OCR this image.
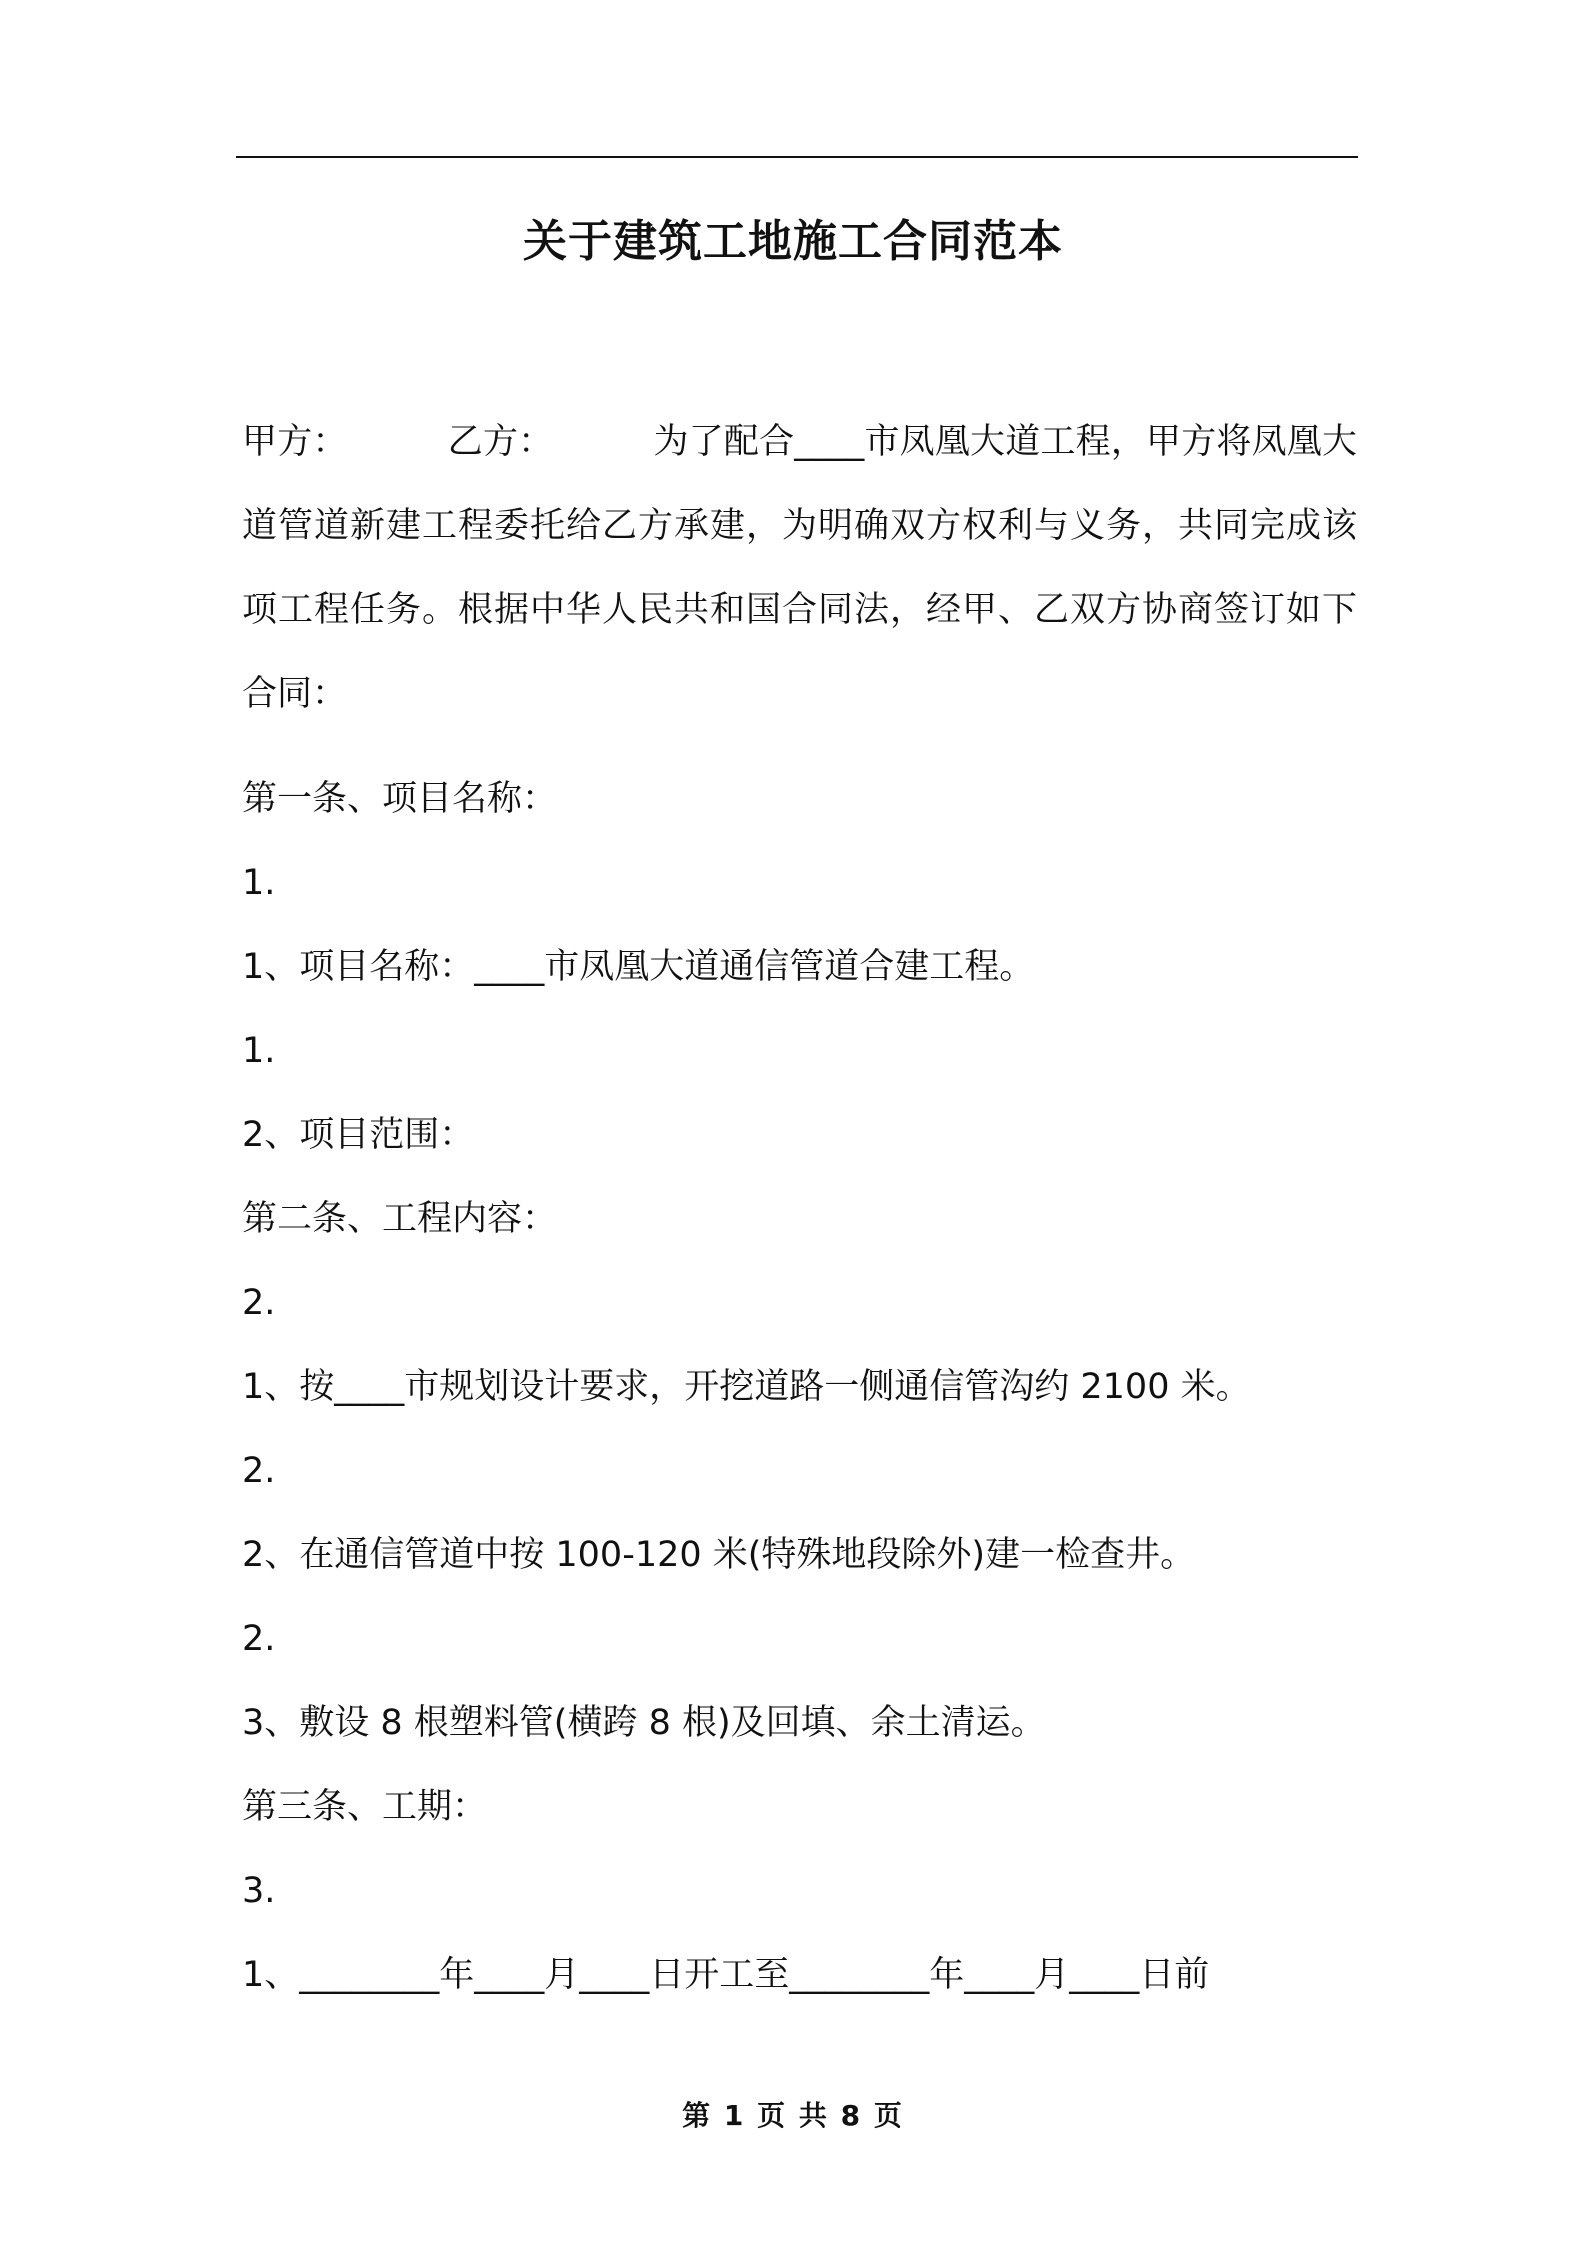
关于建筑工地施工合同范本

甲方：	乙方：	为了配合____市凤凰大道工程，甲方将凤凰大道管道新建工程委托给乙方承建，为明确双方权利与义务，共同完成该项工程任务。根据中华人民共和国合同法，经甲、乙双方协商签订如下合同：

第一条、项目名称：
1.
1、项目名称：____市凤凰大道通信管道合建工程。
1.
2、项目范围：
第二条、工程内容：
2.
1、按____市规划设计要求，开挖道路一侧通信管沟约 2100 米。
2.
2、在通信管道中按 100-120 米(特殊地段除外)建一检查井。
2.
3、敷设 8 根塑料管(横跨 8 根)及回填、余土清运。
第三条、工期：
3.
1、________年____月____日开工至________年____月____日前
第 1 页 共 8 页
